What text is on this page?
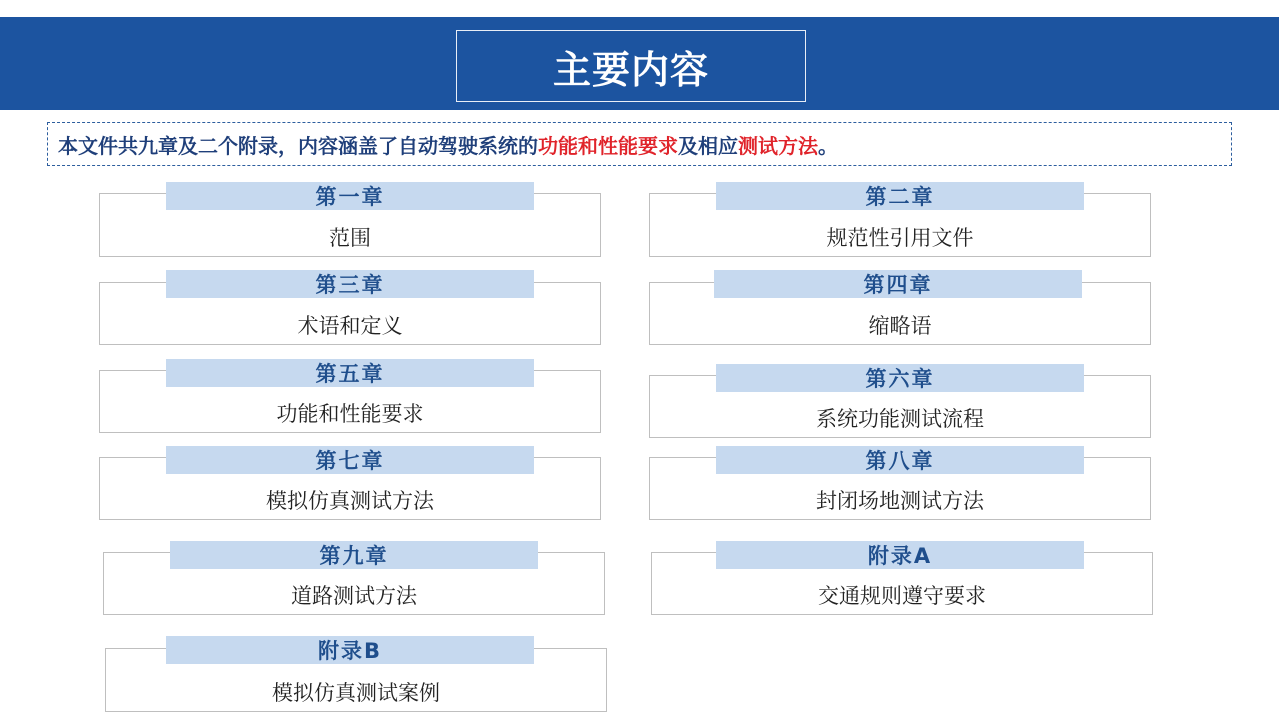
主要内容
本文件共九章及二个附录，内容涵盖了自动驾驶系统的 功能和性能要求 及相应 测试方法 。
范围
第一章
规范性引用文件
第二章
术语和定义
第三章
缩略语
第四章
功能和性能要求
第五章
系统功能测试流程
第六章
模拟仿真测试方法
第七章
封闭场地测试方法
第八章
道路测试方法
第九章
交通规则遵守要求
附录A
模拟仿真测试案例
附录B
